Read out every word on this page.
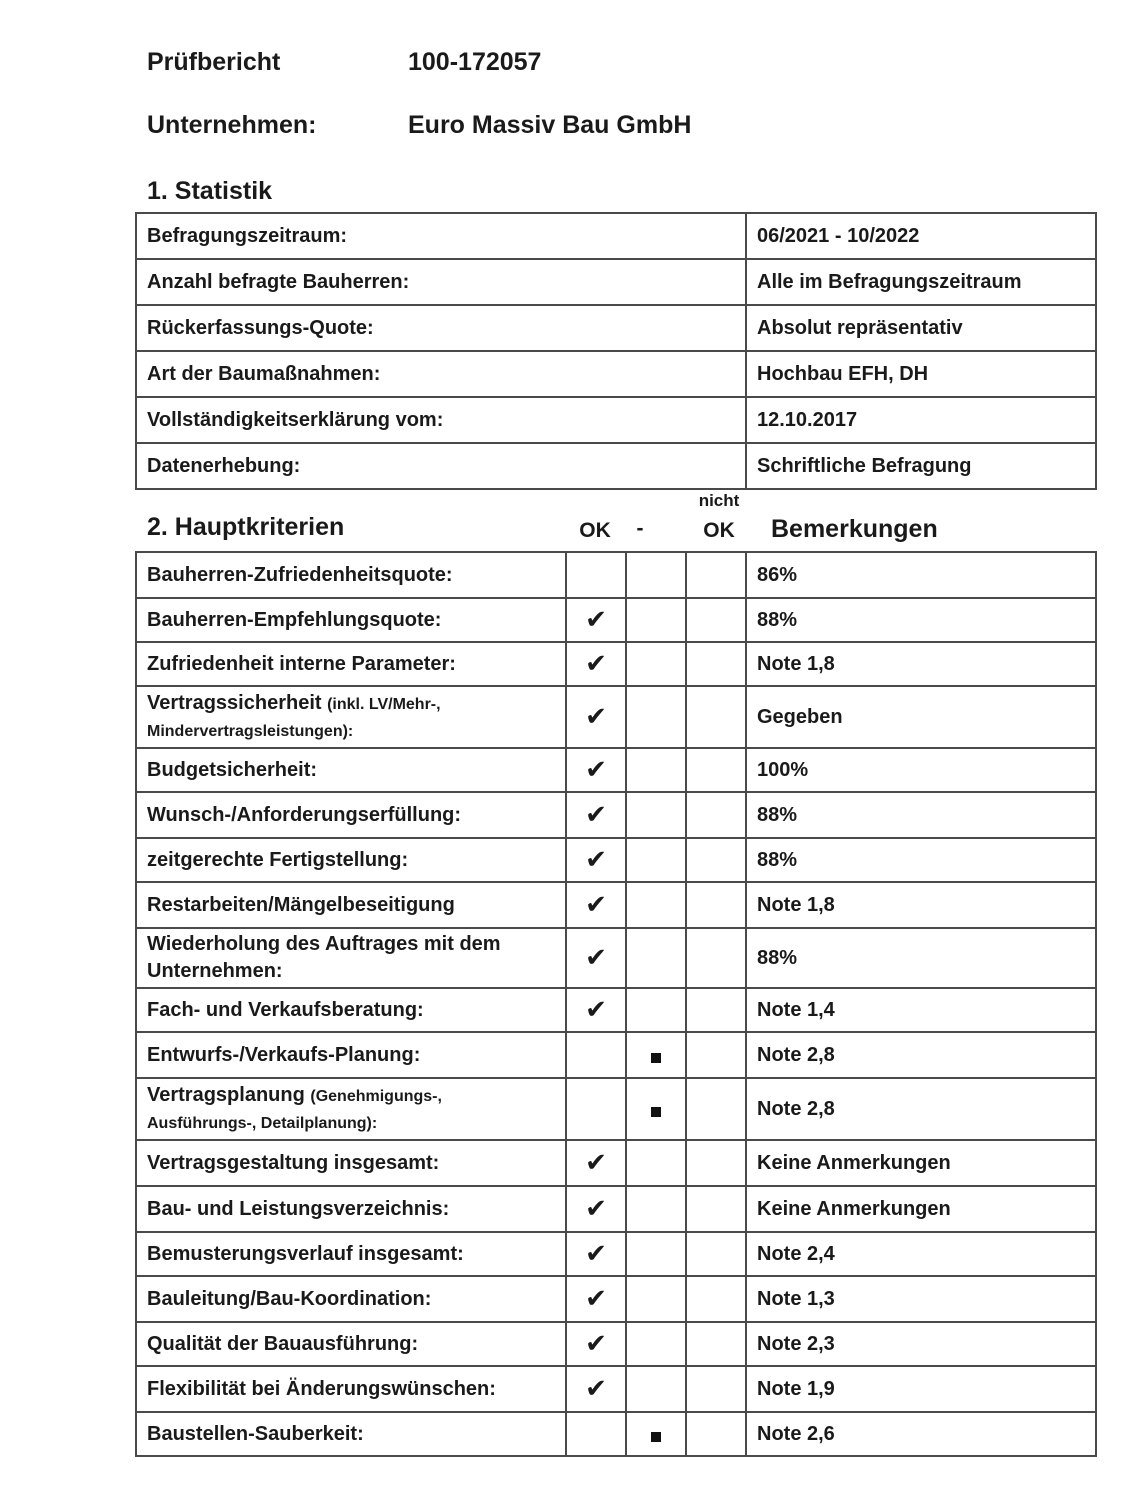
Prüfbericht	100-172057
Unternehmen:	Euro Massiv Bau GmbH
1. Statistik
Befragungszeitraum:	06/2021 - 10/2022
Anzahl befragte Bauherren:	Alle im Befragungszeitraum
Rückerfassungs-Quote:	Absolut repräsentativ
Art der Baumaßnahmen:	Hochbau EFH, DH
Vollständigkeitserklärung vom:	12.10.2017
Datenerhebung:	Schriftliche Befragung
2. Hauptkriterien	OK	-
nicht
OK	Bemerkungen
Bauherren-Zufriedenheitsquote:				86%
Bauherren-Empfehlungsquote:	✔			88%
Zufriedenheit interne Parameter:	✔			Note 1,8
Vertragssicherheit (inkl. LV/Mehr-, Mindervertragsleistungen):	✔			Gegeben
Budgetsicherheit:	✔			100%
Wunsch-/Anforderungserfüllung:	✔			88%
zeitgerechte Fertigstellung:	✔			88%
Restarbeiten/Mängelbeseitigung	✔			Note 1,8
Wiederholung des Auftrages mit dem Unternehmen:	✔			88%
Fach- und Verkaufsberatung:	✔			Note 1,4
Entwurfs-/Verkaufs-Planung:				Note 2,8
Vertragsplanung (Genehmigungs-, Ausführungs-, Detailplanung):				Note 2,8
Vertragsgestaltung insgesamt:	✔			Keine Anmerkungen
Bau- und Leistungsverzeichnis:	✔			Keine Anmerkungen
Bemusterungsverlauf insgesamt:	✔			Note 2,4
Bauleitung/Bau-Koordination:	✔			Note 1,3
Qualität der Bauausführung:	✔			Note 2,3
Flexibilität bei Änderungswünschen:	✔			Note 1,9
Baustellen-Sauberkeit:				Note 2,6
